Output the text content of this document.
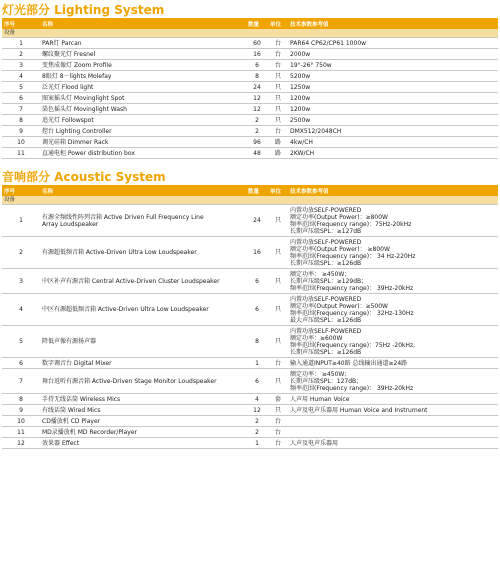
灯光部分 Lighting System
序号	名称	数量	单位	技术参数参考值
设备				
1	PAR灯 Parcan	60	台	PAR64 CP62/CP61 1000w

2	螺纹聚光灯 Fresnel	16	台	2000w

3	变焦成像灯 Zoom Profile	6	台	19°-26° 750w

4	8眼灯 8－lights Molefay	8	只	5200w

5	泛光灯 Flood light	24	只	1250w

6	图案摇头灯 Movinglight Spot	12	只	1200w

7	染色摇头灯 Movinglight Wash	12	只	1200w

8	追光灯 Followspot	2	只	2500w

9	控台 Lighting Controller	2	台	DMX512/2048CH

10	调光硅箱 Dimmer Rack	96	路	4kw/CH

11	直通电柜 Power distribution box	48	路	2KW/CH
音响部分 Acoustic System
序号	名称	数量	单位	技术参数参考值
设备				
1	有源全频线性阵列音箱 Active Driven Full Frequency Line
Array Loudspeaker	24	只	内置功放SELF-POWERED
额定功率(Output Power)：≥800W
频率范围(Frequency range)：75Hz-20kHz
长期声压级SPL：≥127dB

2	有源超低频音箱 Active-Driven Ultra Low Loudspeaker	16	只	内置功放SELF-POWERED
额定功率(Output Power)： ≥800W
频率范围(Frequency range)： 34 Hz-220Hz
长期声压级SPL：≥126dB

3	中区补声有源音箱 Central Active-Driven Cluster Loudspeaker	6	只	额定功率： ≥450W；
长期声压级SPL：≥129dB；
频率范围(Frequency range)： 39Hz-20kHz

4	中区有源超低频音箱 Active-Driven Ultra Low Loudspeaker	6	只	内置功放SELF-POWERED
额定功率(Output Power)：≥500W
频率范围(Frequency range)： 32Hz-130Hz
最大声压级SPL：≥126dB

5	降低声像有源扬声器	8	只	内置功放SELF-POWERED
额定功率：≥600W
频率范围(Frequency range)：75Hz -20kHz,
长期声压级SPL：≥126dB

6	数字调音台 Digital Mixer	1	台	输入通道INPUT≥40路 总线输出通道≥24路

7	舞台返听有源音箱 Active-Driven Stage Monitor Loudspeaker	6	只	额定功率： ≥450W；
长期声压级SPL：127dB；
频率范围(Frequency range)： 39Hz-20kHz

8	手持无线话筒 Wireless Mics	4	套	人声用 Human Voice

9	有线话筒 Wired Mics	12	只	人声及电声乐器用 Human Voice and Instrument

10	CD播放机 CD Player	2	台	

11	MD录播放机 MD Recorder/Player	2	台	

12	效果器 Effect	1	台	人声及电声乐器用
